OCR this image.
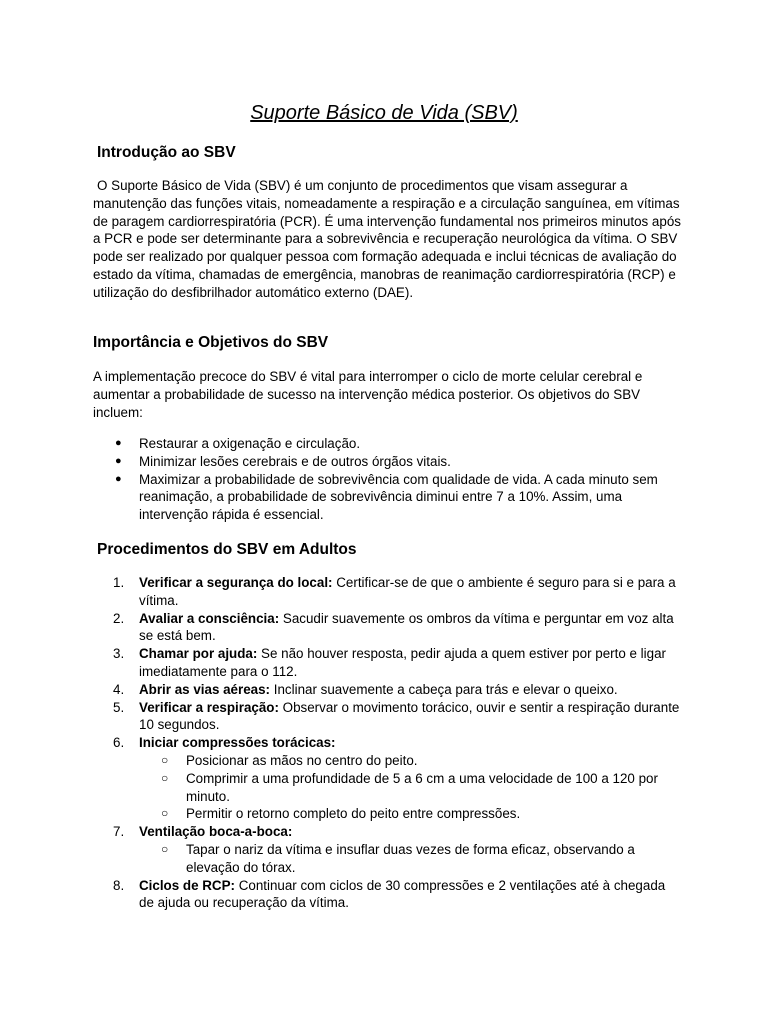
Suporte Básico de Vida (SBV)
Introdução ao SBV

O Suporte Básico de Vida (SBV) é um conjunto de procedimentos que visam assegurar a manutenção das funções vitais, nomeadamente a respiração e a circulação sanguínea, em vítimas de paragem cardiorrespiratória (PCR). É uma intervenção fundamental nos primeiros minutos após a PCR e pode ser determinante para a sobrevivência e recuperação neurológica da vítima. O SBV pode ser realizado por qualquer pessoa com formação adequada e inclui técnicas de avaliação do estado da vítima, chamadas de emergência, manobras de reanimação cardiorrespiratória (RCP) e utilização do desfibrilhador automático externo (DAE).

Importância e Objetivos do SBV

A implementação precoce do SBV é vital para interromper o ciclo de morte celular cerebral e aumentar a probabilidade de sucesso na intervenção médica posterior. Os objetivos do SBV incluem:

● Restaurar a oxigenação e circulação.
● Minimizar lesões cerebrais e de outros órgãos vitais.
● Maximizar a probabilidade de sobrevivência com qualidade de vida. A cada minuto sem reanimação, a probabilidade de sobrevivência diminui entre 7 a 10%. Assim, uma intervenção rápida é essencial.
Procedimentos do SBV em Adultos
1. Verificar a segurança do local: Certificar-se de que o ambiente é seguro para si e para a vítima.
2. Avaliar a consciência: Sacudir suavemente os ombros da vítima e perguntar em voz alta se está bem.
3. Chamar por ajuda: Se não houver resposta, pedir ajuda a quem estiver por perto e ligar imediatamente para o 112.
4. Abrir as vias aéreas: Inclinar suavemente a cabeça para trás e elevar o queixo.
5. Verificar a respiração: Observar o movimento torácico, ouvir e sentir a respiração durante 10 segundos.
6. Iniciar compressões torácicas:
○ Posicionar as mãos no centro do peito.
○ Comprimir a uma profundidade de 5 a 6 cm a uma velocidade de 100 a 120 por minuto.
○ Permitir o retorno completo do peito entre compressões.
7. Ventilação boca-a-boca:
○ Tapar o nariz da vítima e insuflar duas vezes de forma eficaz, observando a elevação do tórax.
8. Ciclos de RCP: Continuar com ciclos de 30 compressões e 2 ventilações até à chegada de ajuda ou recuperação da vítima.
